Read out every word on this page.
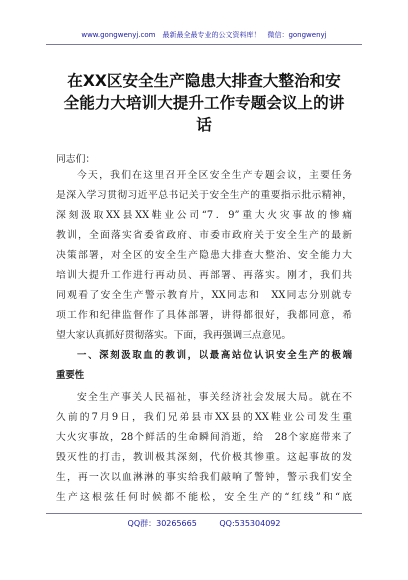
www.gongwenyj.com　最新最全最专业的公文资料库！　微信：gongwenyj
在XX区安全生产隐患大排查大整治和安
全能力大培训大提升工作专题会议上的讲
话
同志们：
今天，我们在这里召开全区安全生产专题会议，主要任务
是深入学习贯彻习近平总书记关于安全生产的重要指示批示精神，
深刻汲取XX县XX鞋业公司“7．9”重大火灾事故的惨痛
教训，全面落实省委省政府、市委市政府关于安全生产的最新
决策部署，对全区的安全生产隐患大排查大整治、安全能力大
培训大提升工作进行再动员、再部署、再落实。刚才，我们共
同观看了安全生产警示教育片，XX同志和　XX同志分别就专
项工作和纪律监督作了具体部署，讲得都很好，我都同意，希
望大家认真抓好贯彻落实。下面，我再强调三点意见。
一、深刻汲取血的教训，以最高站位认识安全生产的极端
重要性
安全生产事关人民福祉，事关经济社会发展大局。就在不
久前的7月9日，我们兄弟县市XX县的XX鞋业公司发生重
大火灾事故，28个鲜活的生命瞬间消逝，给　28个家庭带来了
毁灭性的打击，教训极其深刻，代价极其惨重。这起事故的发
生，再一次以血淋淋的事实给我们敲响了警钟，警示我们安全
生产这根弦任何时候都不能松，安全生产的“红线”和“底
QQ群：30265665	QQ:535304092
